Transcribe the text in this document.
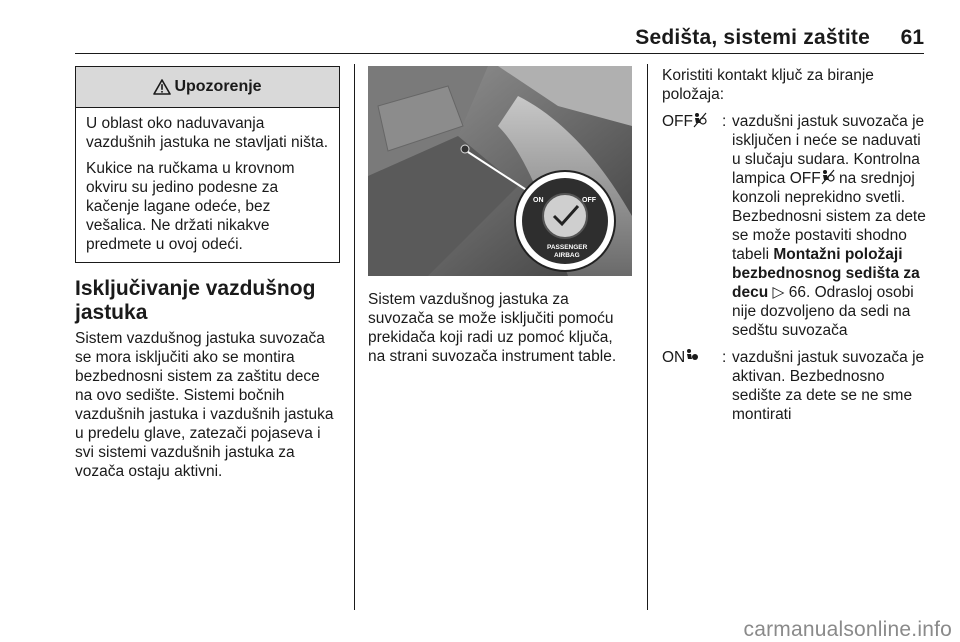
Sedišta, sistemi zaštite 61
Upozorenje

U oblast oko naduvavanja vazdušnih jastuka ne stavljati ništa.

Kukice na ručkama u krovnom okviru su jedino podesne za kačenje lagane odeće, bez vešalica. Ne držati nikakve predmete u ovoj odeći.

Isključivanje vazdušnog jastuka

Sistem vazdušnog jastuka suvozača se mora isključiti ako se montira bezbednosni sistem za zaštitu dece na ovo sedište. Sistemi bočnih vazdušnih jastuka i vazdušnih jastuka u predelu glave, zatezači pojaseva i svi sistemi vazdušnih jastuka za vozača ostaju aktivni.

ON	OFF
PASSENGER
AIRBAG

Sistem vazdušnog jastuka za suvozača se može isključiti pomoću prekidača koji radi uz pomoć ključa, na strani suvozača instrument table.

Koristiti kontakt ključ za biranje položaja:

OFF	: vazdušni jastuk suvozača je isključen i neće se naduvati u slučaju sudara. Kontrolna lampica OFF na srednjoj konzoli neprekidno svetli. Bezbednosni sistem za dete se može postaviti shodno tabeli Montažni položaji bezbednosnog sedišta za decu ▷ 66. Odrasloj osobi nije dozvoljeno da sedi na sedštu suvozača
ON	: vazdušni jastuk suvozača je aktivan. Bezbednosno sedište za dete se ne sme montirati
carmanualsonline.info
